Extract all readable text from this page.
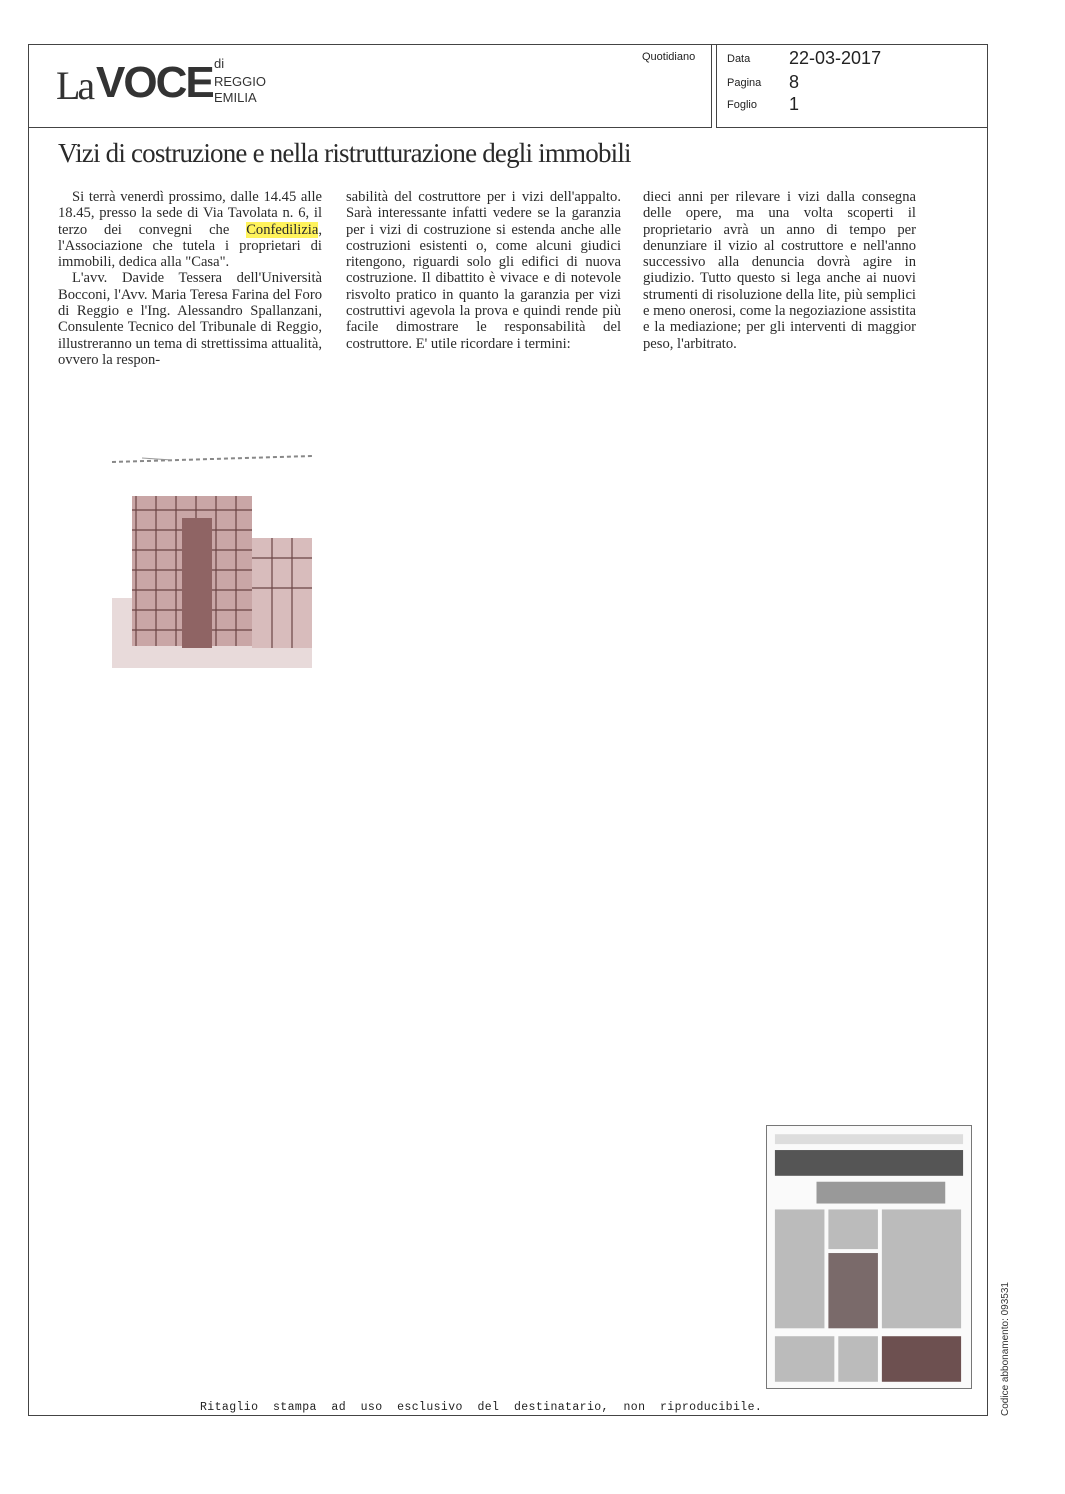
La VOCE di
REGGIO
EMILIA
Quotidiano	Data 22-03-2017
Pagina 8
Foglio 1
Vizi di costruzione e nella ristrutturazione degli immobili

Si terrà venerdì prossimo, dalle 14.45 alle 18.45, presso la sede di Via Tavolata n. 6, il terzo dei convegni che Confedilizia, l'Associazione che tutela i proprietari di immobili, dedica alla "Casa".

L'avv. Davide Tessera dell'Università Bocconi, l'Avv. Maria Teresa Farina del Foro di Reggio e l'Ing. Alessandro Spallanzani, Consulente Tecnico del Tribunale di Reggio, illustreranno un tema di strettissima attualità, ovvero la respon-

sabilità del costruttore per i vizi dell'appalto. Sarà interessante infatti vedere se la garanzia per i vizi di costruzione si estenda anche alle costruzioni esistenti o, come alcuni giudici ritengono, riguardi solo gli edifici di nuova costruzione. Il dibattito è vivace e di notevole risvolto pratico in quanto la garanzia per vizi costruttivi agevola la prova e quindi rende più facile dimostrare le responsabilità del costruttore. E' utile ricordare i termini:

dieci anni per rilevare i vizi dalla consegna delle opere, ma una volta scoperti il proprietario avrà un anno di tempo per denunziare il vizio al costruttore e nell'anno successivo alla denuncia dovrà agire in giudizio. Tutto questo si lega anche ai nuovi strumenti di risoluzione della lite, più semplici e meno onerosi, come la negoziazione assistita e la mediazione; per gli interventi di maggior peso, l'arbitrato.

Ritaglio  stampa  ad  uso  esclusivo  del  destinatario,  non  riproducibile.	Codice abbonamento: 093531
